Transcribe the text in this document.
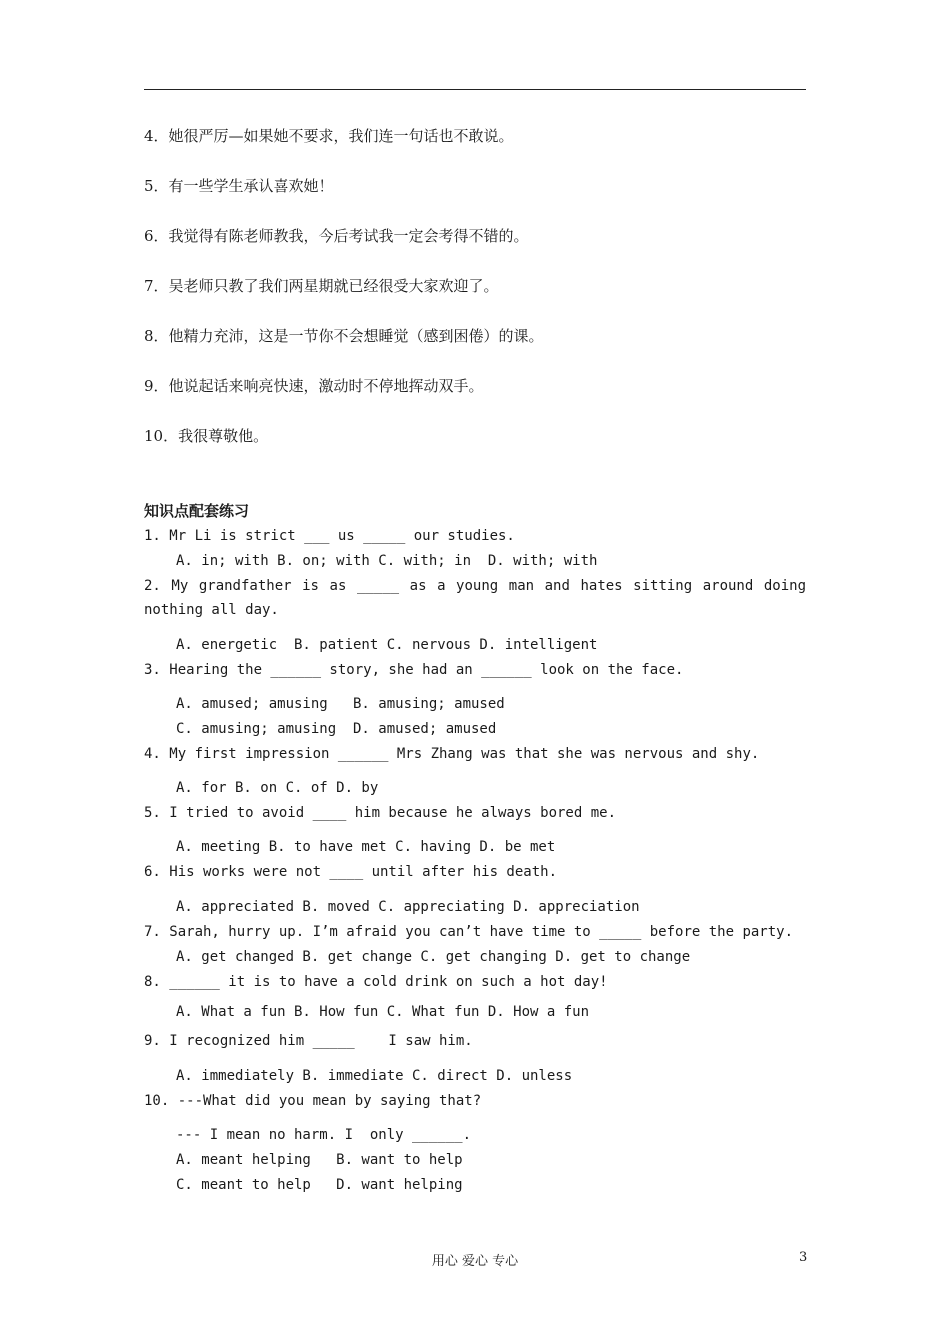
4．她很严厉—如果她不要求，我们连一句话也不敢说。
5．有一些学生承认喜欢她！
6．我觉得有陈老师教我，今后考试我一定会考得不错的。
7．吴老师只教了我们两星期就已经很受大家欢迎了。
8．他精力充沛，这是一节你不会想睡觉（感到困倦）的课。
9．他说起话来响亮快速，激动时不停地挥动双手。
10．我很尊敬他。
知识点配套练习
1. Mr Li is strict ___ us _____ our studies.
A. in; with B. on; with C. with; in  D. with; with
2. My grandfather is as _____ as a young man and hates sitting around doing
nothing all day.
A. energetic  B. patient C. nervous D. intelligent
3. Hearing the ______ story, she had an ______ look on the face.
A. amused; amusing   B. amusing; amused
C. amusing; amusing  D. amused; amused
4. My first impression ______ Mrs Zhang was that she was nervous and shy.
A. for B. on C. of D. by
5. I tried to avoid ____ him because he always bored me.
A. meeting B. to have met C. having D. be met
6. His works were not ____ until after his death.
A. appreciated B. moved C. appreciating D. appreciation
7. Sarah, hurry up. I’m afraid you can’t have time to _____ before the party.
A. get changed B. get change C. get changing D. get to change
8. ______ it is to have a cold drink on such a hot day!
A. What a fun B. How fun C. What fun D. How a fun
9. I recognized him _____    I saw him.
A. immediately B. immediate C. direct D. unless
10. ---What did you mean by saying that?
--- I mean no harm. I  only ______.
A. meant helping   B. want to help
C. meant to help   D. want helping
用心 爱心 专心	3
